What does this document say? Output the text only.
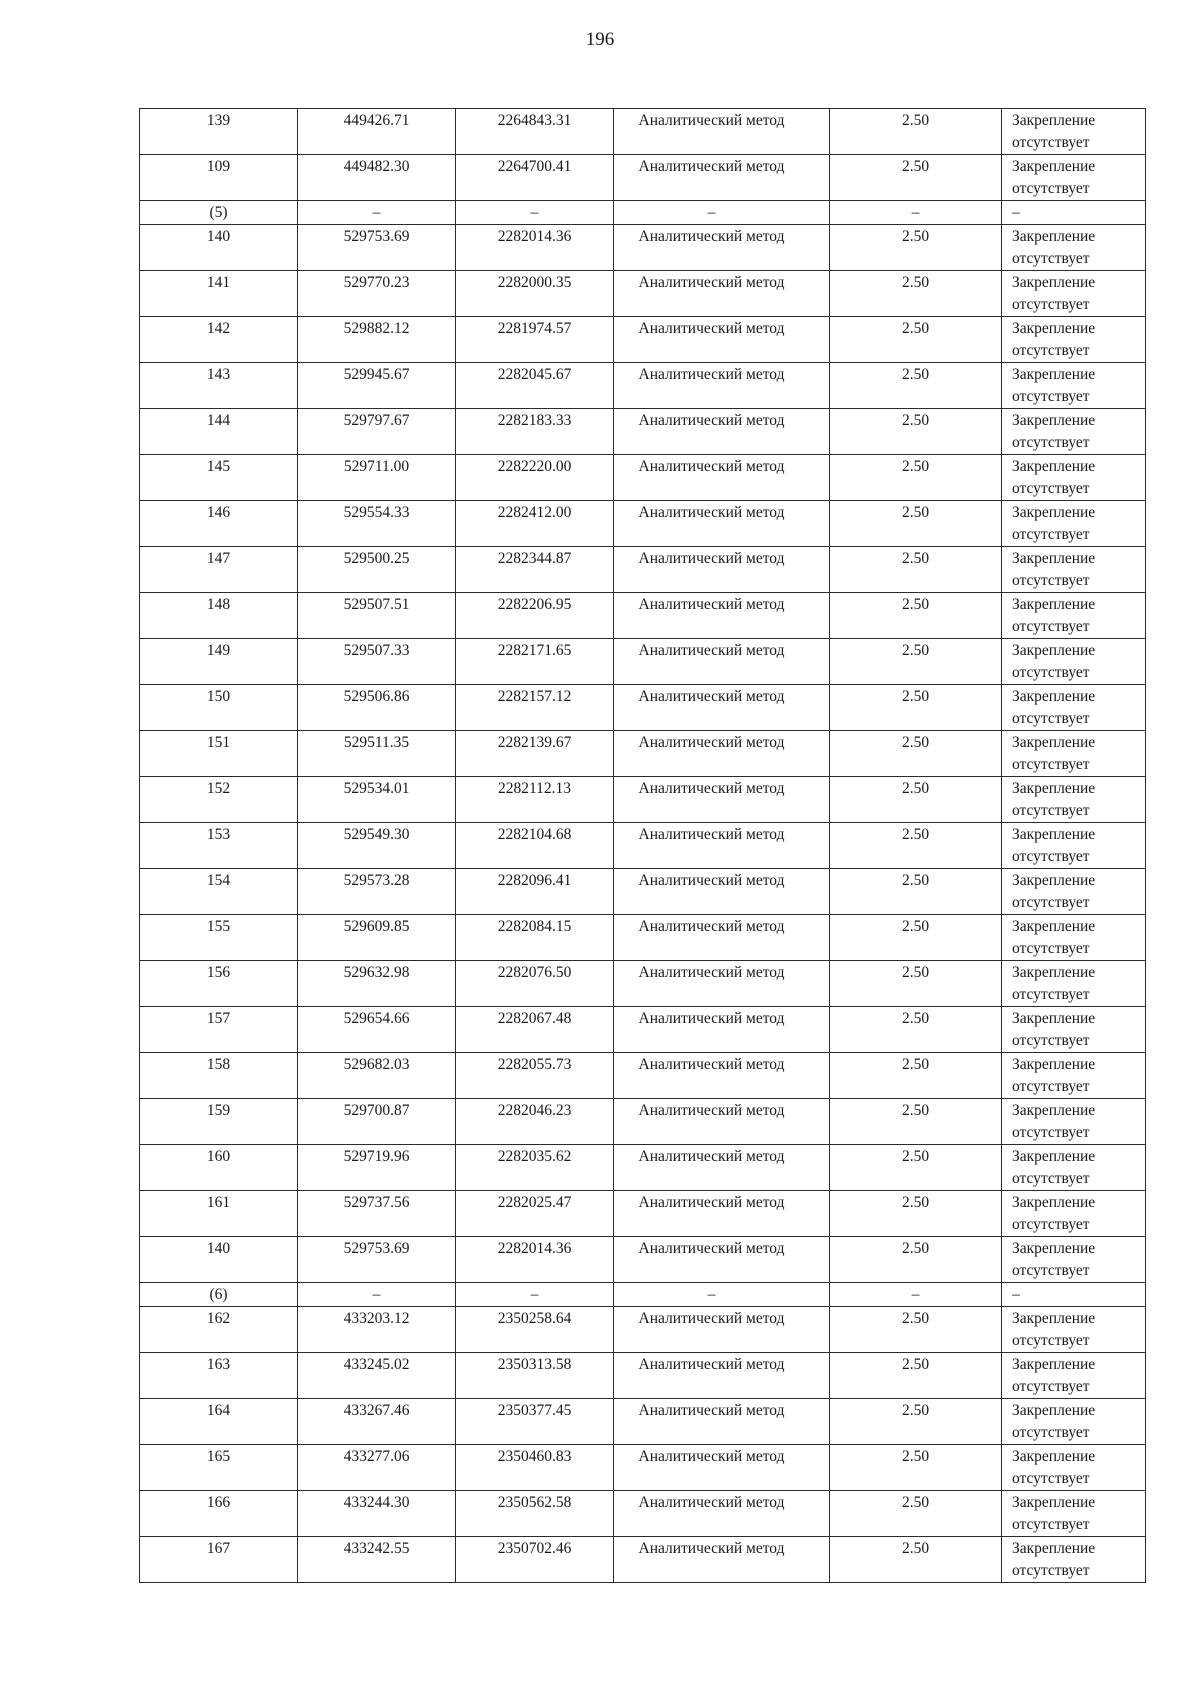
196
139	449426.71	2264843.31	Аналитический метод	2.50	Закрепление
отсутствует

109	449482.30	2264700.41	Аналитический метод	2.50	Закрепление
отсутствует

(5)	–	–	–	–	–

140	529753.69	2282014.36	Аналитический метод	2.50	Закрепление
отсутствует

141	529770.23	2282000.35	Аналитический метод	2.50	Закрепление
отсутствует

142	529882.12	2281974.57	Аналитический метод	2.50	Закрепление
отсутствует

143	529945.67	2282045.67	Аналитический метод	2.50	Закрепление
отсутствует

144	529797.67	2282183.33	Аналитический метод	2.50	Закрепление
отсутствует

145	529711.00	2282220.00	Аналитический метод	2.50	Закрепление
отсутствует

146	529554.33	2282412.00	Аналитический метод	2.50	Закрепление
отсутствует

147	529500.25	2282344.87	Аналитический метод	2.50	Закрепление
отсутствует

148	529507.51	2282206.95	Аналитический метод	2.50	Закрепление
отсутствует

149	529507.33	2282171.65	Аналитический метод	2.50	Закрепление
отсутствует

150	529506.86	2282157.12	Аналитический метод	2.50	Закрепление
отсутствует

151	529511.35	2282139.67	Аналитический метод	2.50	Закрепление
отсутствует

152	529534.01	2282112.13	Аналитический метод	2.50	Закрепление
отсутствует

153	529549.30	2282104.68	Аналитический метод	2.50	Закрепление
отсутствует

154	529573.28	2282096.41	Аналитический метод	2.50	Закрепление
отсутствует

155	529609.85	2282084.15	Аналитический метод	2.50	Закрепление
отсутствует

156	529632.98	2282076.50	Аналитический метод	2.50	Закрепление
отсутствует

157	529654.66	2282067.48	Аналитический метод	2.50	Закрепление
отсутствует

158	529682.03	2282055.73	Аналитический метод	2.50	Закрепление
отсутствует

159	529700.87	2282046.23	Аналитический метод	2.50	Закрепление
отсутствует

160	529719.96	2282035.62	Аналитический метод	2.50	Закрепление
отсутствует

161	529737.56	2282025.47	Аналитический метод	2.50	Закрепление
отсутствует

140	529753.69	2282014.36	Аналитический метод	2.50	Закрепление
отсутствует

(6)	–	–	–	–	–

162	433203.12	2350258.64	Аналитический метод	2.50	Закрепление
отсутствует

163	433245.02	2350313.58	Аналитический метод	2.50	Закрепление
отсутствует

164	433267.46	2350377.45	Аналитический метод	2.50	Закрепление
отсутствует

165	433277.06	2350460.83	Аналитический метод	2.50	Закрепление
отсутствует

166	433244.30	2350562.58	Аналитический метод	2.50	Закрепление
отсутствует

167	433242.55	2350702.46	Аналитический метод	2.50	Закрепление
отсутствует
